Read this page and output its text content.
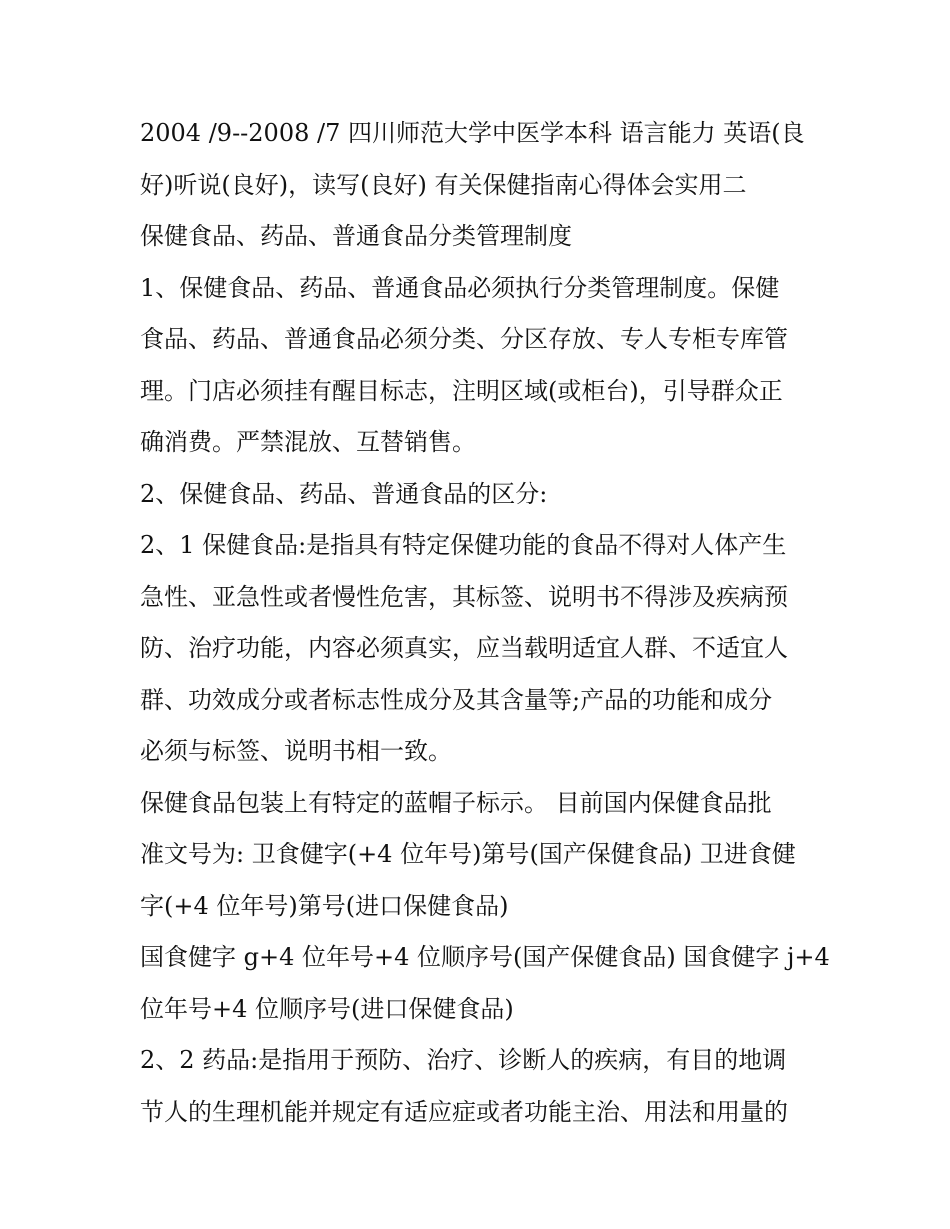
2004 /9--2008 /7 四川师范大学中医学本科 语言能力 英语(良
好)听说(良好)，读写(良好) 有关保健指南心得体会实用二
保健食品、药品、普通食品分类管理制度
1、保健食品、药品、普通食品必须执行分类管理制度。保健
食品、药品、普通食品必须分类、分区存放、专人专柜专库管
理。门店必须挂有醒目标志，注明区域(或柜台)，引导群众正
确消费。严禁混放、互替销售。
2、保健食品、药品、普通食品的区分:
2、1 保健食品:是指具有特定保健功能的食品不得对人体产生
急性、亚急性或者慢性危害，其标签、说明书不得涉及疾病预
防、治疗功能，内容必须真实，应当载明适宜人群、不适宜人
群、功效成分或者标志性成分及其含量等;产品的功能和成分
必须与标签、说明书相一致。
保健食品包装上有特定的蓝帽子标示。 目前国内保健食品批
准文号为: 卫食健字(+4 位年号)第号(国产保健食品) 卫进食健
字(+4 位年号)第号(进口保健食品)
国食健字 g+4 位年号+4 位顺序号(国产保健食品) 国食健字 j+4
位年号+4 位顺序号(进口保健食品)
2、2 药品:是指用于预防、治疗、诊断人的疾病，有目的地调
节人的生理机能并规定有适应症或者功能主治、用法和用量的
